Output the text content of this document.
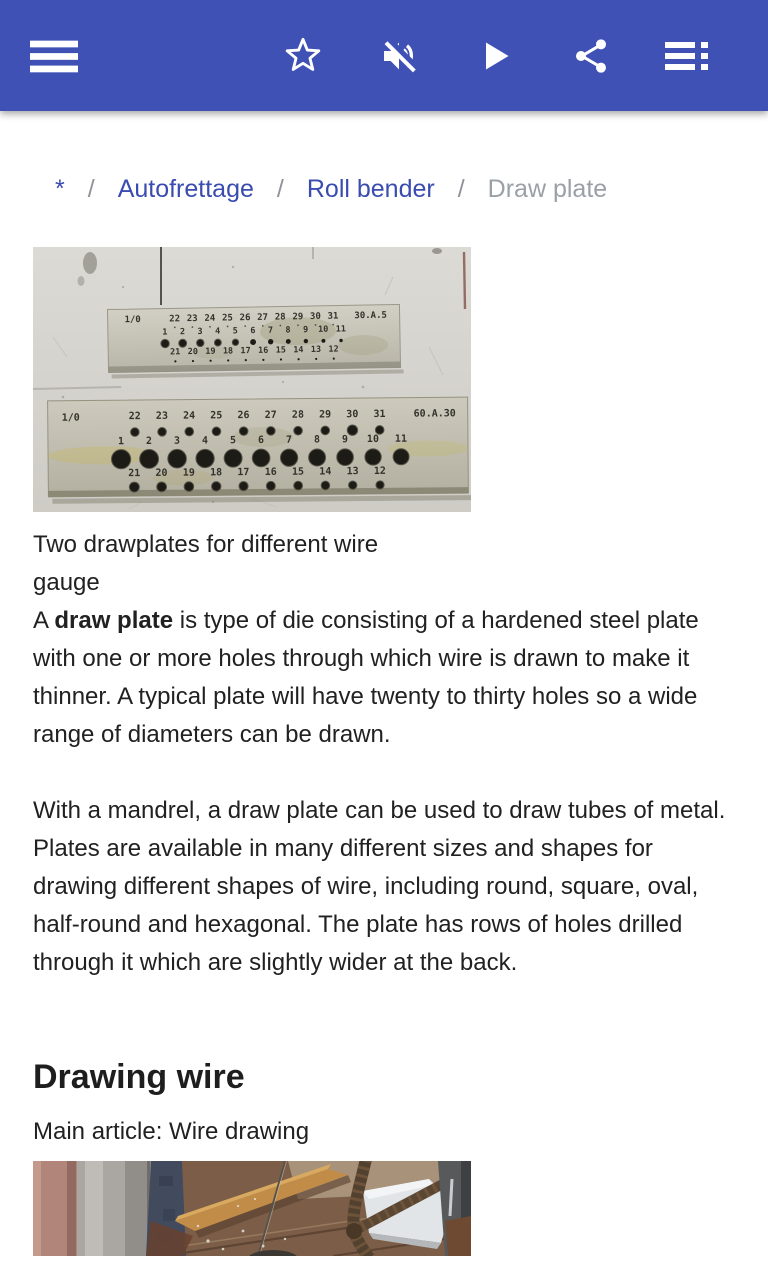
* / Autofrettage / Roll bender / Draw plate
1/0	30.A.5
22 23 24 25 26 27 28 29 30 31
1 2 3 4 5 6 7 8 9 10 11
21 20 19 18 17 16 15 14 13 12
1/0	60.A.30
22 23 24 25 26 27 28 29 30 31
1 2 3 4 5 6 7 8 9 10 11
21 20 19 18 17 16 15 14 13 12
Two drawplates for different wire gauge

A draw plate is type of die consisting of a hardened steel plate with one or more holes through which wire is drawn to make it thinner. A typical plate will have twenty to thirty holes so a wide range of diameters can be drawn.

With a mandrel, a draw plate can be used to draw tubes of metal. Plates are available in many different sizes and shapes for drawing different shapes of wire, including round, square, oval, half-round and hexagonal. The plate has rows of holes drilled through it which are slightly wider at the back.

Drawing wire

Main article: Wire drawing
